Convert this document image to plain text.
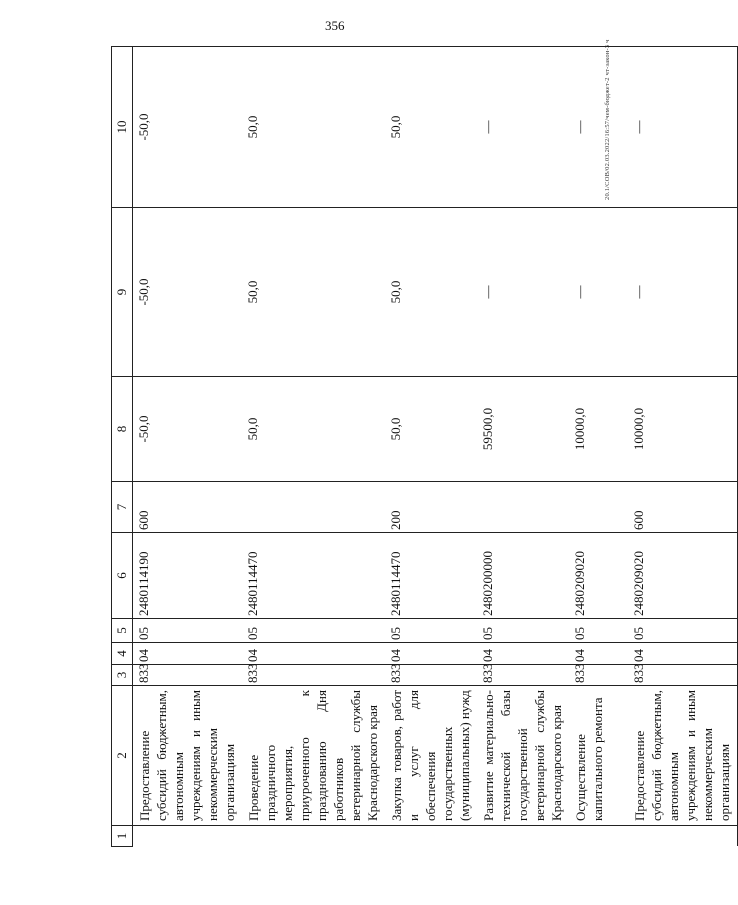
356
20.1/СОВ/02.03.2022/16:57/чем-бюджет-2 чт-закон-3 ч
1	2	3	4	5	6	7	8	9	10
	Предоставление субсидий бюджетным, автономным учреждениям и иным некоммерческим организациям	833	04	05	2480114190	600	-50,0	-50,0	-50,0
	Проведение праздничного мероприятия, приуроченного к празднованию Дня работников ветеринарной службы Краснодарского края	833	04	05	2480114470		50,0	50,0	50,0
	Закупка товаров, работ и услуг для обеспечения государственных (муниципальных) нужд	833	04	05	2480114470	200	50,0	50,0	50,0
	Развитие материально-технической базы государственной ветеринарной службы Краснодарского края	833	04	05	2480200000		59500,0	—	—
	Осуществление капитального ремонта	833	04	05	2480209020		10000,0	—	—
	Предоставление субсидий бюджетным, автономным учреждениям и иным некоммерческим организациям	833	04	05	2480209020	600	10000,0	—	—
